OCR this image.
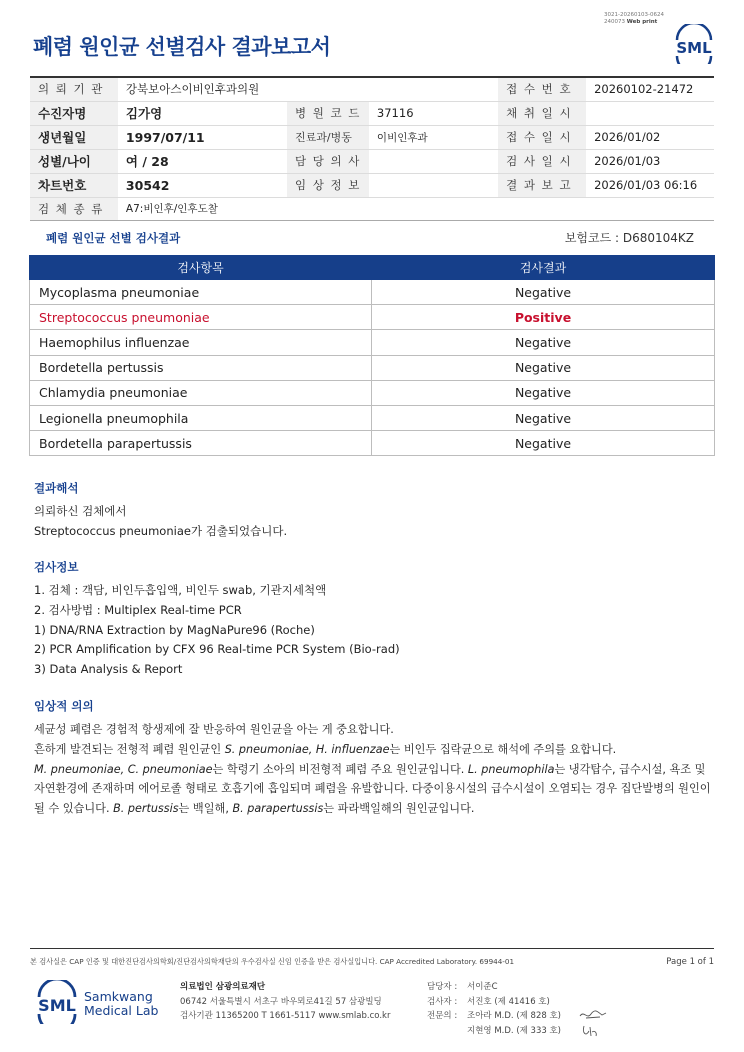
3021-20260103-0624
240073 Web print
폐렴 원인균 선별검사 결과보고서	SML
의 뢰 기 관	강북보아스이비인후과의원			접 수 번 호	20260102-21472
수진자명	김가영	병 원 코 드	37116	채 취 일 시	
생년월일	1997/07/11	진료과/병동	이비인후과	접 수 일 시	2026/01/02
성별/나이	여 / 28	담 당 의 사		검 사 일 시	2026/01/03
차트번호	30542	임 상 정 보		결 과 보 고	2026/01/03 06:16
검 체 종 류	A7:비인후/인후도찰				
폐렴 원인균 선별 검사결과	보험코드 : D680104KZ
검사항목	검사결과
Mycoplasma pneumoniae	Negative
Streptococcus pneumoniae	Positive
Haemophilus influenzae	Negative
Bordetella pertussis	Negative
Chlamydia pneumoniae	Negative
Legionella pneumophila	Negative
Bordetella parapertussis	Negative
결과해석

의뢰하신 검체에서

Streptococcus pneumoniae가 검출되었습니다.

검사정보

1. 검체 : 객담, 비인두흡입액, 비인두 swab, 기관지세척액

2. 검사방법 : Multiplex Real-time PCR

1) DNA/RNA Extraction by MagNaPure96 (Roche)

2) PCR Amplification by CFX 96 Real-time PCR System (Bio-rad)

3) Data Analysis & Report

임상적 의의

세균성 폐렴은 경험적 항생제에 잘 반응하여 원인균을 아는 게 중요합니다.

흔하게 발견되는 전형적 폐렴 원인균인 S. pneumoniae, H. influenzae는 비인두 집락균으로 해석에 주의를 요합니다.

M. pneumoniae, C. pneumoniae는 학령기 소아의 비전형적 폐렴 주요 원인균입니다. L. pneumophila는 냉각탑수, 급수시설, 욕조 및

자연환경에 존재하며 에어로졸 형태로 호흡기에 흡입되며 폐렴을 유발합니다. 다중이용시설의 급수시설이 오염되는 경우 집단발병의 원인이

될 수 있습니다. B. pertussis는 백일해, B. parapertussis는 파라백일해의 원인균입니다.

본 검사실은 CAP 인증 및 대한진단검사의학회/진단검사의학재단의 우수검사실 신임 인증을 받은 검사실입니다. CAP Accredited Laboratory. 69944-01	Page 1 of 1
SML Samkwang
Medical Lab
의료법인 삼광의료재단
06742 서울특별시 서초구 바우뫼로41길 57 삼광빌딩
검사기관 11365200 T 1661-5117 www.smlab.co.kr
담당자 :	서이준C
검사자 :	서진호 (제 41416 호)
전문의 :	조아라 M.D. (제 828 호)
지현영 M.D. (제 333 호)
